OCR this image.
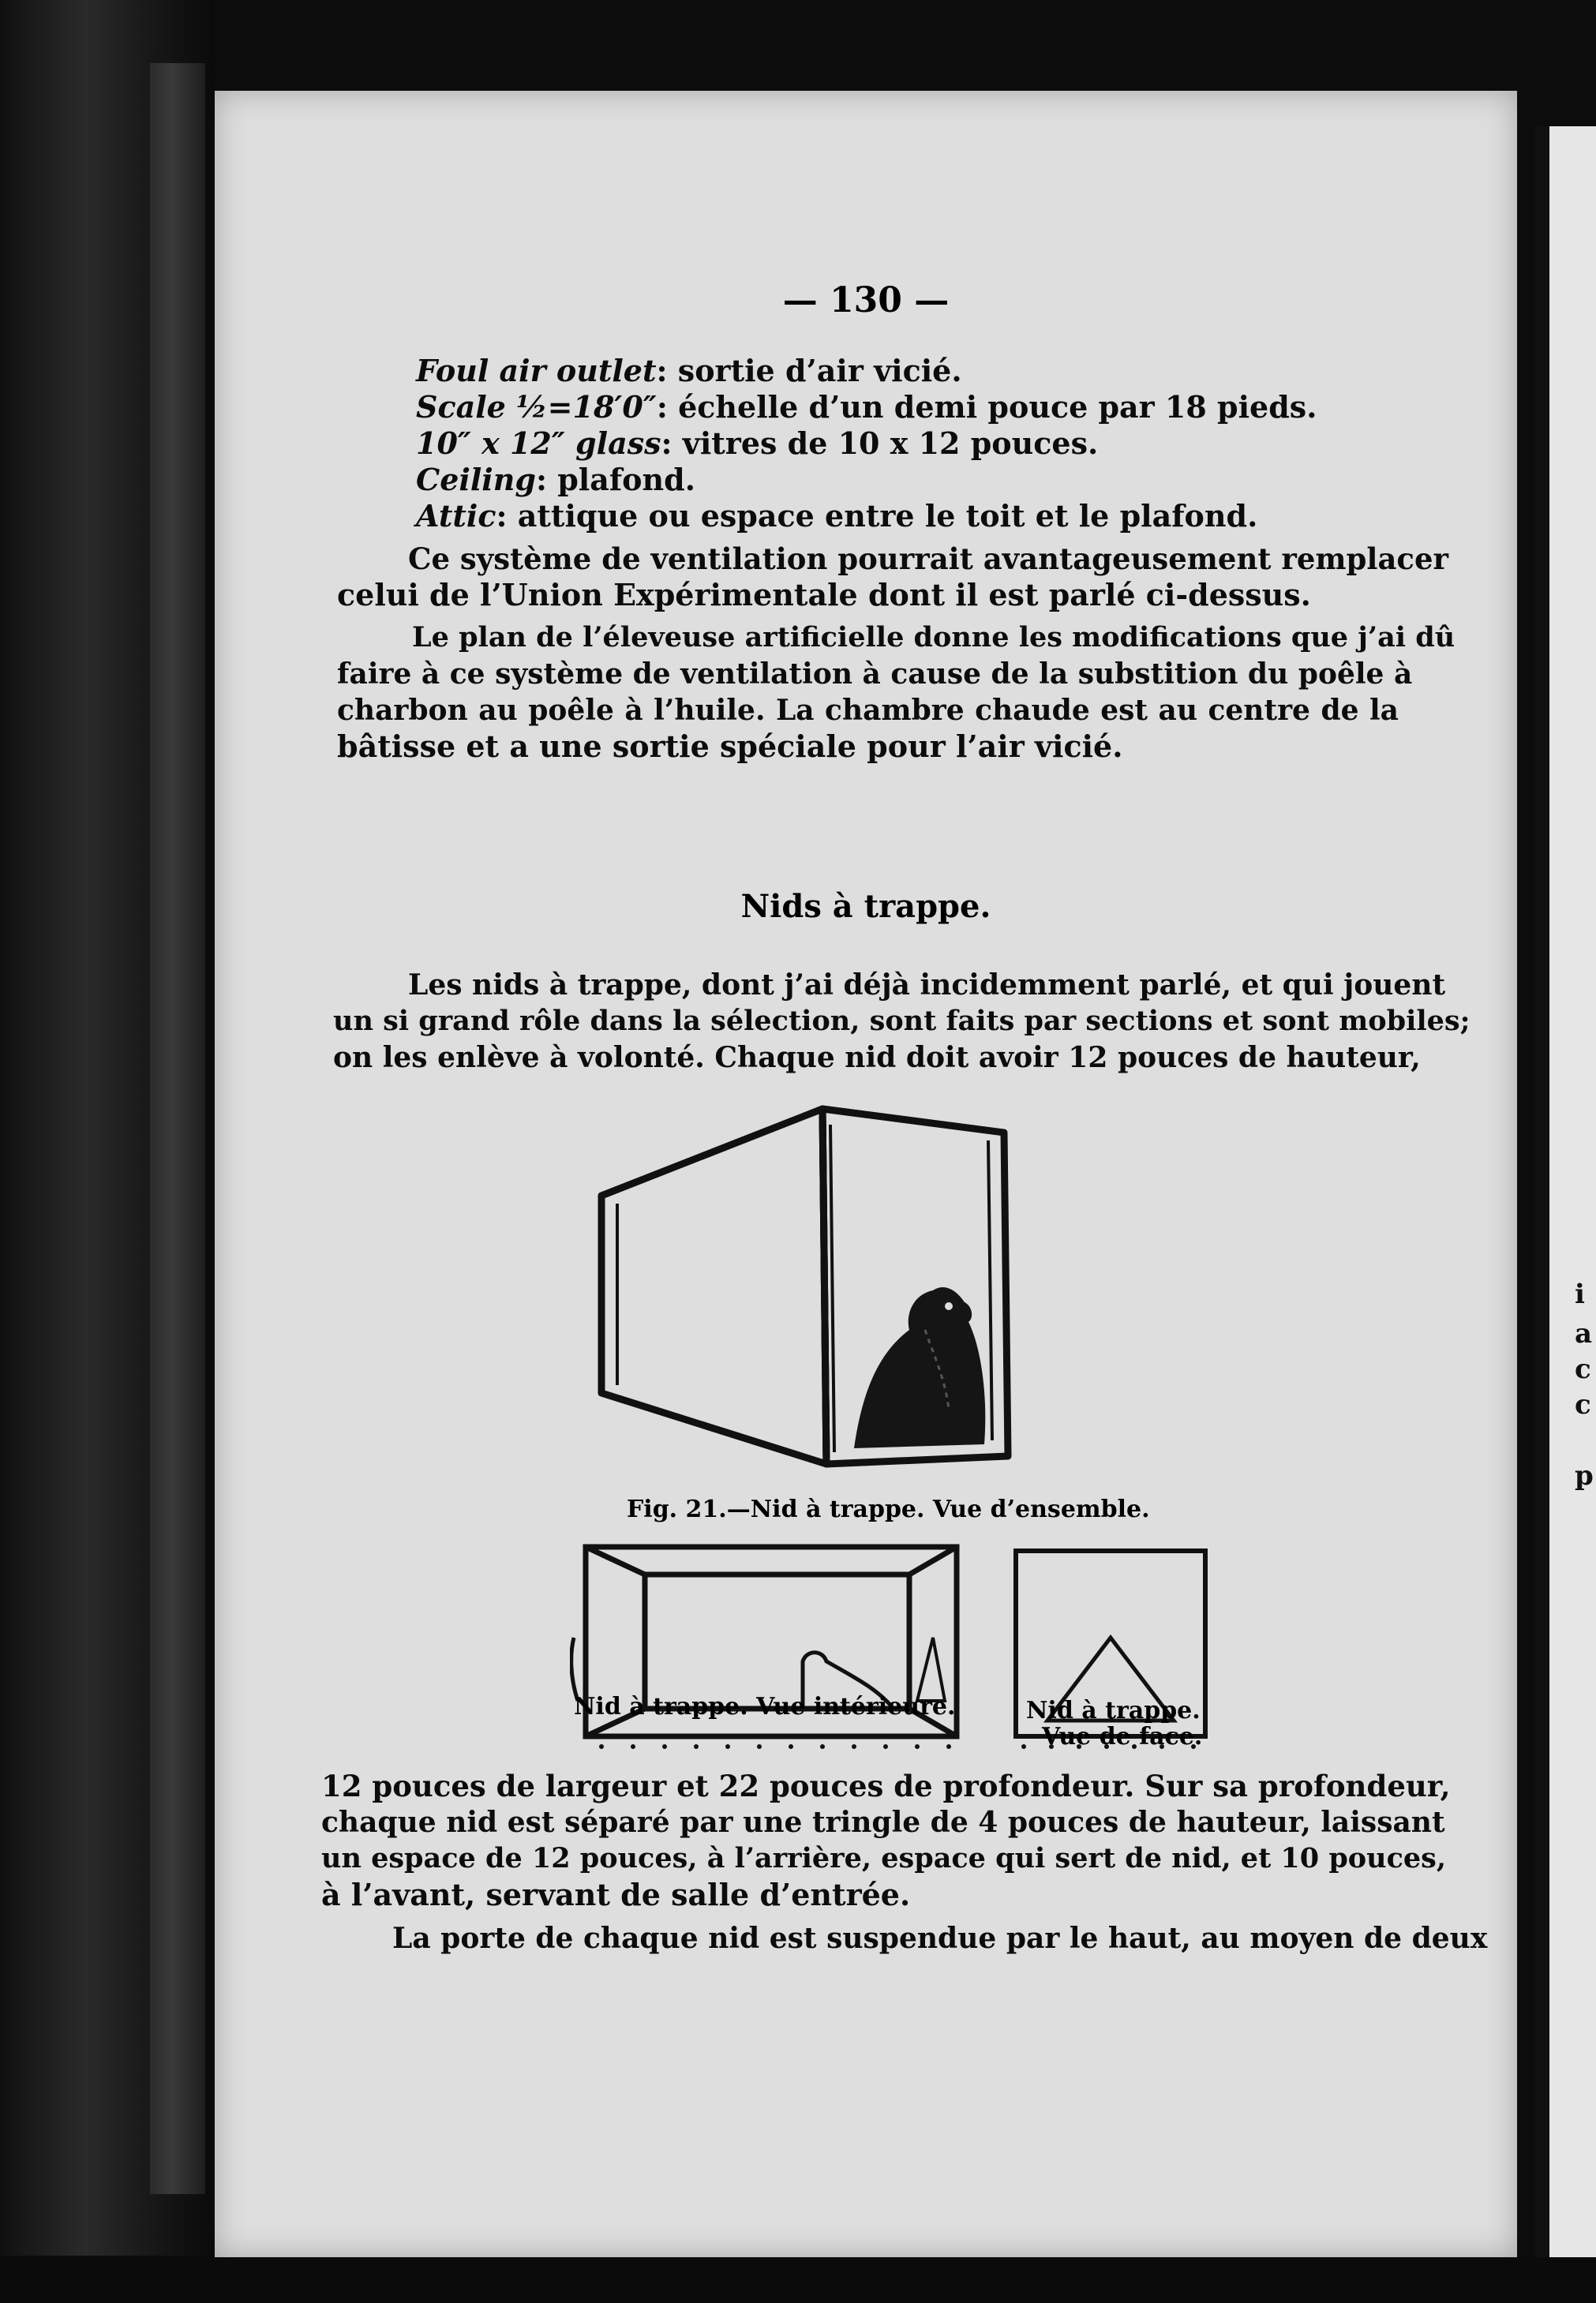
i
a
c
c
p
— 130 —
Foul air outlet: sortie d’air vicié.
Scale ½=18′0″: échelle d’un demi pouce par 18 pieds.
10″ x 12″ glass: vitres de 10 x 12 pouces.
Ceiling: plafond.
Attic: attique ou espace entre le toit et le plafond.
Ce système de ventilation pourrait avantageusement remplacer
celui de l’Union Expérimentale dont il est parlé ci-dessus.
Le plan de l’éleveuse artificielle donne les modifications que j’ai dû
faire à ce système de ventilation à cause de la substition du poêle à
charbon au poêle à l’huile. La chambre chaude est au centre de la
bâtisse et a une sortie spéciale pour l’air vicié.
Nids à trappe.
Les nids à trappe, dont j’ai déjà incidemment parlé, et qui jouent
un si grand rôle dans la sélection, sont faits par sections et sont mobiles;
on les enlève à volonté. Chaque nid doit avoir 12 pouces de hauteur,
Fig. 21.—Nid à trappe. Vue d’ensemble.
Nid à trappe. Vue intérieure.	Nid à trappe.
Vue de face.
12 pouces de largeur et 22 pouces de profondeur. Sur sa profondeur,
chaque nid est séparé par une tringle de 4 pouces de hauteur, laissant
un espace de 12 pouces, à l’arrière, espace qui sert de nid, et 10 pouces,
à l’avant, servant de salle d’entrée.
La porte de chaque nid est suspendue par le haut, au moyen de deux
